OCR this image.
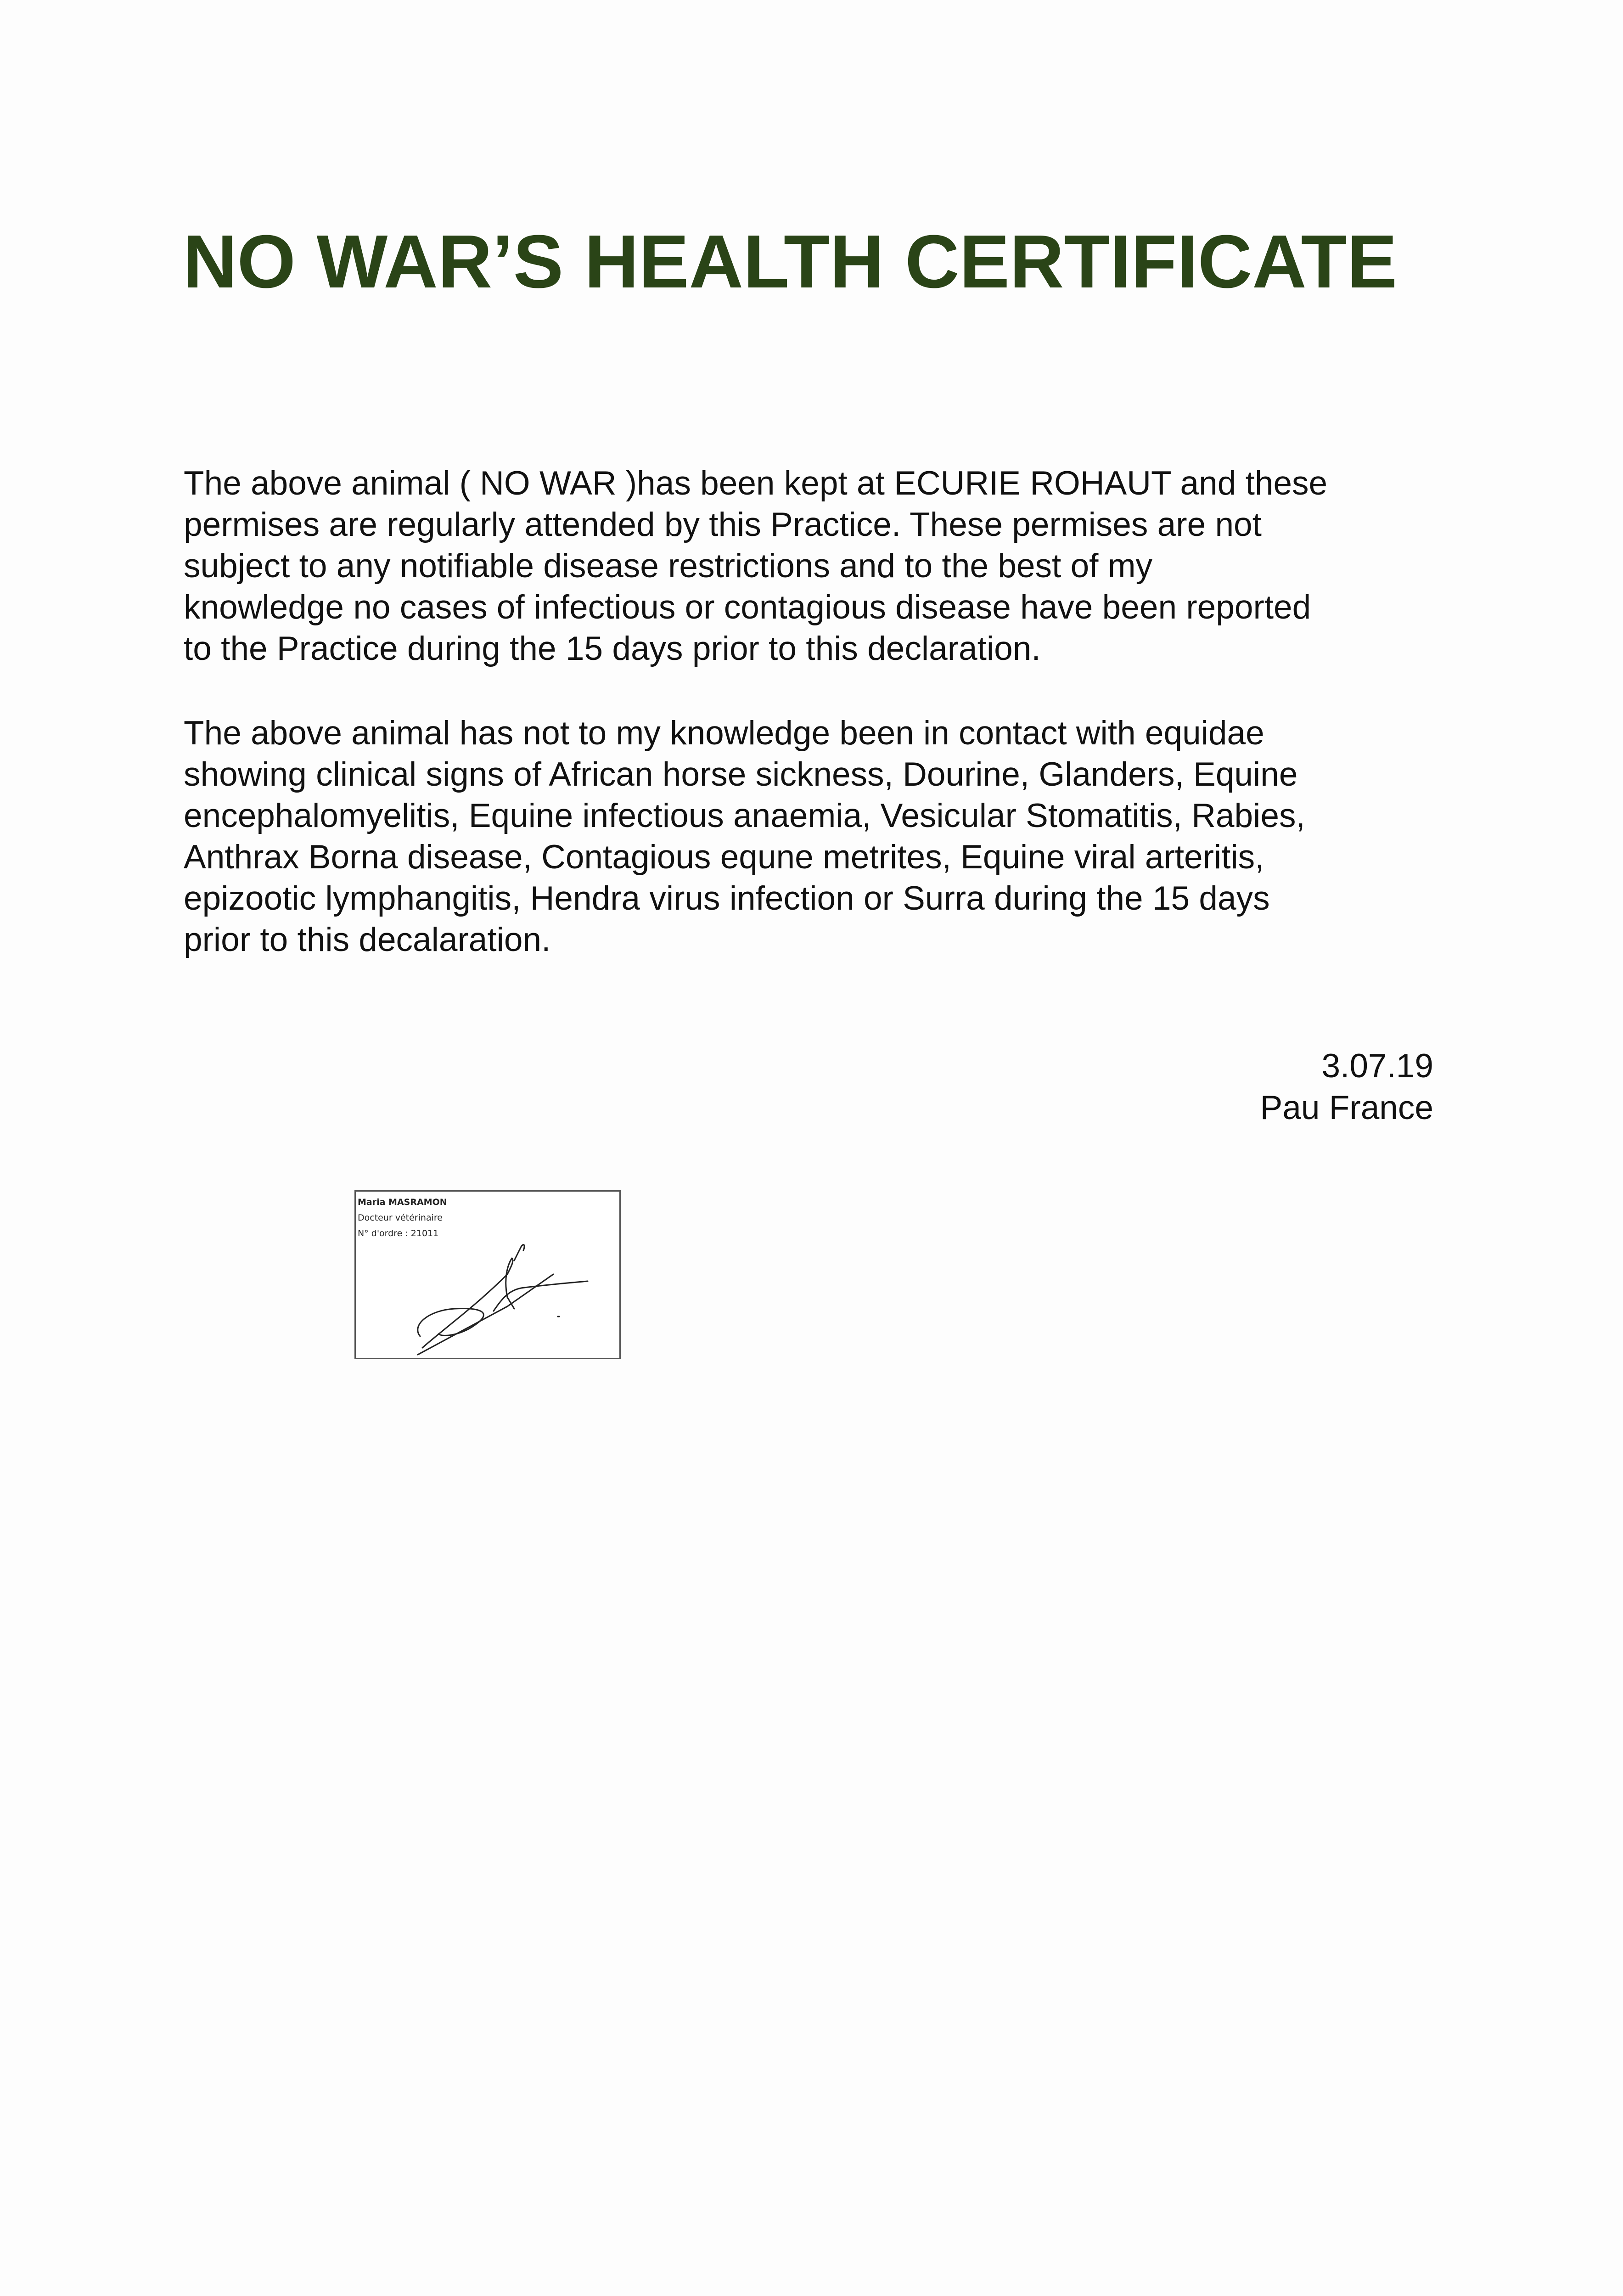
NO WAR’S HEALTH CERTIFICATE

The above animal ( NO WAR )has been kept at ECURIE ROHAUT and these
permises are regularly attended by this Practice. These permises are not
subject to any notifiable disease restrictions and to the best of my
knowledge no cases of infectious or contagious disease have been reported
to the Practice during the 15 days prior to this declaration.

The above animal has not to my knowledge been in contact with equidae
showing clinical signs of African horse sickness, Dourine, Glanders, Equine
encephalomyelitis, Equine infectious anaemia, Vesicular Stomatitis, Rabies,
Anthrax Borna disease, Contagious equne metrites, Equine viral arteritis,
epizootic lymphangitis, Hendra virus infection or Surra during the 15 days
prior to this decalaration.

3.07.19
Pau France
Maria MASRAMON
Docteur vétérinaire
N° d'ordre : 21011
